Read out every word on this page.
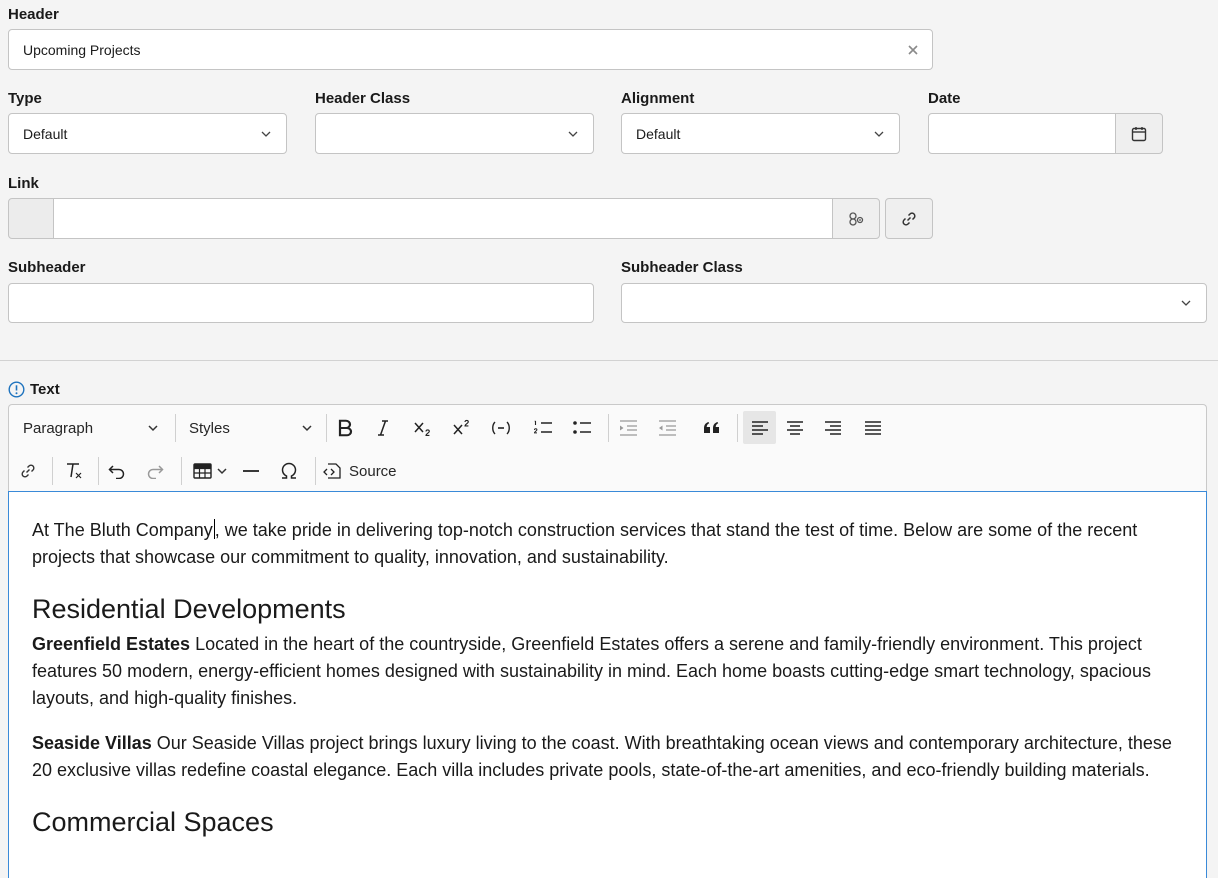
Header
Upcoming Projects
Type
Default
Header Class	Alignment
Default
Date
Link
Subheader	Subheader Class
Text
Paragraph	Styles
Source

At The Bluth Company , we take pride in delivering top-notch construction services that stand the test of time. Below are some of the recent projects that showcase our commitment to quality, innovation, and sustainability.

Residential Developments

Greenfield Estates Located in the heart of the countryside, Greenfield Estates offers a serene and family-friendly environment. This project features 50 modern, energy-efficient homes designed with sustainability in mind. Each home boasts cutting-edge smart technology, spacious layouts, and high-quality finishes.

Seaside Villas Our Seaside Villas project brings luxury living to the coast. With breathtaking ocean views and contemporary architecture, these 20 exclusive villas redefine coastal elegance. Each villa includes private pools, state-of-the-art amenities, and eco-friendly building materials.

Commercial Spaces
